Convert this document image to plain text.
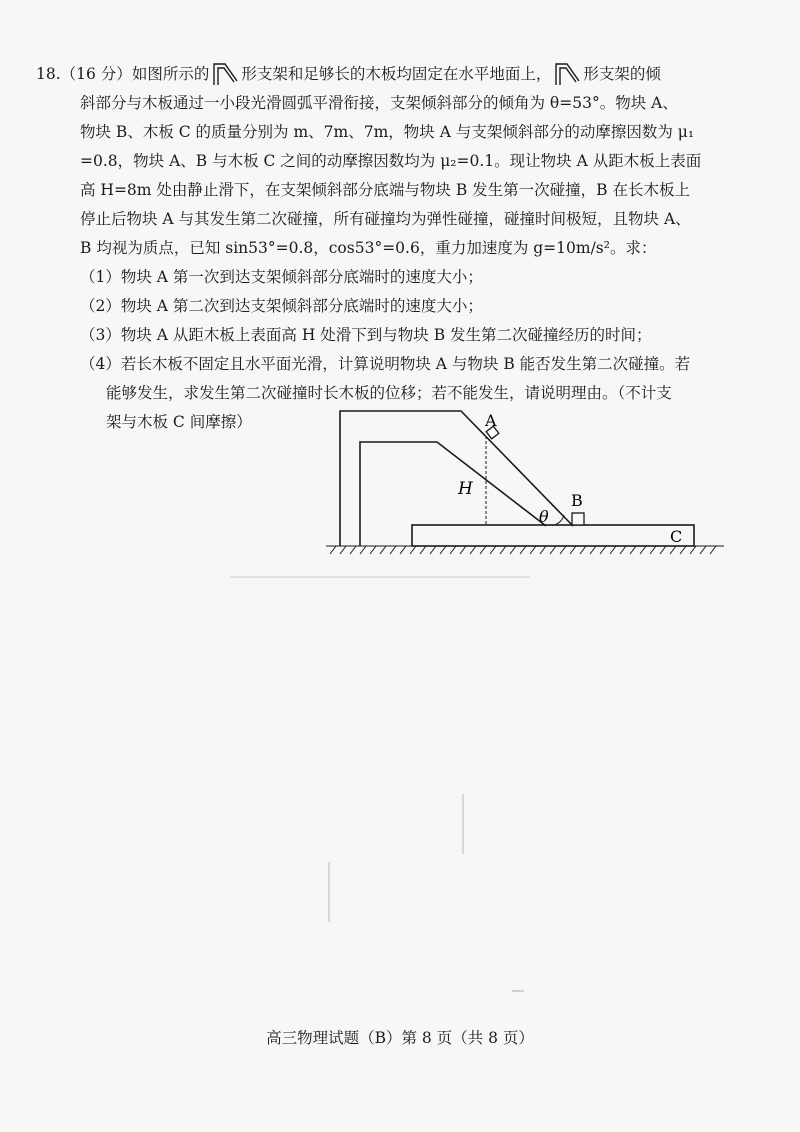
18.（16 分）如图所示的 形支架和足够长的木板均固定在水平地面上， 形支架的倾
斜部分与木板通过一小段光滑圆弧平滑衔接，支架倾斜部分的倾角为 θ=53°。物块 A、
物块 B、木板 C 的质量分别为 m、7m、7m，物块 A 与支架倾斜部分的动摩擦因数为 μ₁
=0.8，物块 A、B 与木板 C 之间的动摩擦因数均为 μ₂=0.1。现让物块 A 从距木板上表面
高 H=8m 处由静止滑下，在支架倾斜部分底端与物块 B 发生第一次碰撞，B 在长木板上
停止后物块 A 与其发生第二次碰撞，所有碰撞均为弹性碰撞，碰撞时间极短，且物块 A、
B 均视为质点，已知 sin53°=0.8，cos53°=0.6，重力加速度为 g=10m/s²。求：
（1）物块 A 第一次到达支架倾斜部分底端时的速度大小；
（2）物块 A 第二次到达支架倾斜部分底端时的速度大小；
（3）物块 A 从距木板上表面高 H 处滑下到与物块 B 发生第二次碰撞经历的时间；
（4）若长木板不固定且水平面光滑，计算说明物块 A 与物块 B 能否发生第二次碰撞。若
能够发生，求发生第二次碰撞时长木板的位移；若不能发生，请说明理由。（不计支
架与木板 C 间摩擦）	A
H
θ
B
C
高三物理试题（B）第 8 页（共 8 页）
